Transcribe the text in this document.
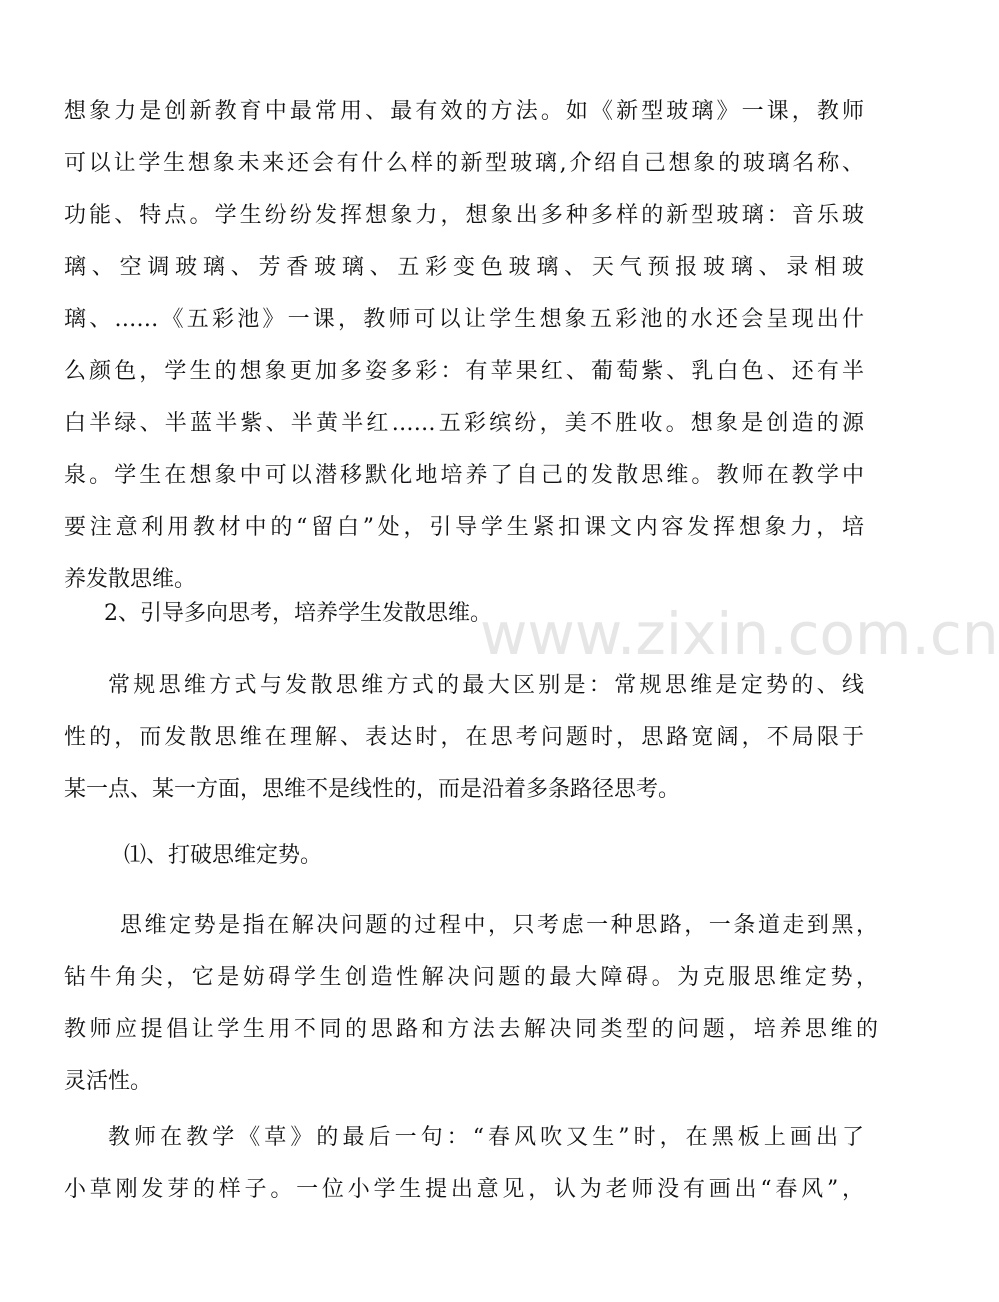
www.zixin.com.cn

想象力是创新教育中最常用、最有效的方法。如《新型玻璃》一课，教师
可以让学生想象未来还会有什么样的新型玻璃,介绍自己想象的玻璃名称、
功能、特点。学生纷纷发挥想象力，想象出多种多样的新型玻璃：音乐玻
璃、空调玻璃、芳香玻璃、五彩变色玻璃、天气预报玻璃、录相玻
璃、……《五彩池》一课，教师可以让学生想象五彩池的水还会呈现出什
么颜色，学生的想象更加多姿多彩：有苹果红、葡萄紫、乳白色、还有半
白半绿、半蓝半紫、半黄半红……五彩缤纷，美不胜收。想象是创造的源
泉。学生在想象中可以潜移默化地培养了自己的发散思维。教师在教学中
要注意利用教材中的“留白”处，引导学生紧扣课文内容发挥想象力，培
养发散思维。

2、引导多向思考，培养学生发散思维。

常规思维方式与发散思维方式的最大区别是：常规思维是定势的、线
性的，而发散思维在理解、表达时，在思考问题时，思路宽阔，不局限于
某一点、某一方面，思维不是线性的，而是沿着多条路径思考。

⑴、打破思维定势。

思维定势是指在解决问题的过程中，只考虑一种思路，一条道走到黑，
钻牛角尖，它是妨碍学生创造性解决问题的最大障碍。为克服思维定势，
教师应提倡让学生用不同的思路和方法去解决同类型的问题，培养思维的
灵活性。

教师在教学《草》的最后一句：“春风吹又生”时，在黑板上画出了
小草刚发芽的样子。一位小学生提出意见，认为老师没有画出“春风”，
